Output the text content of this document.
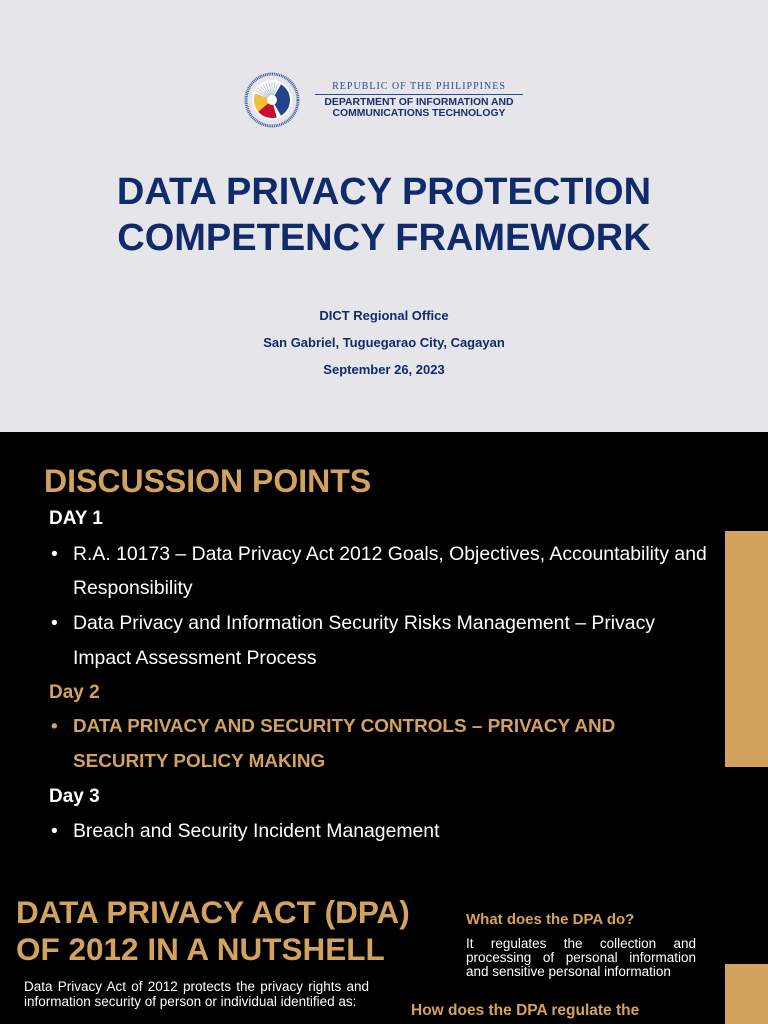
REPUBLIC OF THE PHILIPPINES
DEPARTMENT OF INFORMATION AND
COMMUNICATIONS TECHNOLOGY
DATA PRIVACY PROTECTION COMPETENCY FRAMEWORK
DICT Regional Office
San Gabriel, Tuguegarao City, Cagayan
September 26, 2023
DISCUSSION POINTS
DAY 1
• R.A. 10173 – Data Privacy Act 2012 Goals, Objectives, Accountability and Responsibility
• Data Privacy and Information Security Risks Management – Privacy Impact Assessment Process
Day 2
• DATA PRIVACY AND SECURITY CONTROLS – PRIVACY AND SECURITY POLICY MAKING
Day 3
• Breach and Security Incident Management
DATA PRIVACY ACT (DPA) OF 2012 IN A NUTSHELL

Data Privacy Act of 2012 protects the privacy rights and information security of person or individual identified as:

What does the DPA do?

It regulates the collection and processing of personal information and sensitive personal information

How does the DPA regulate the
